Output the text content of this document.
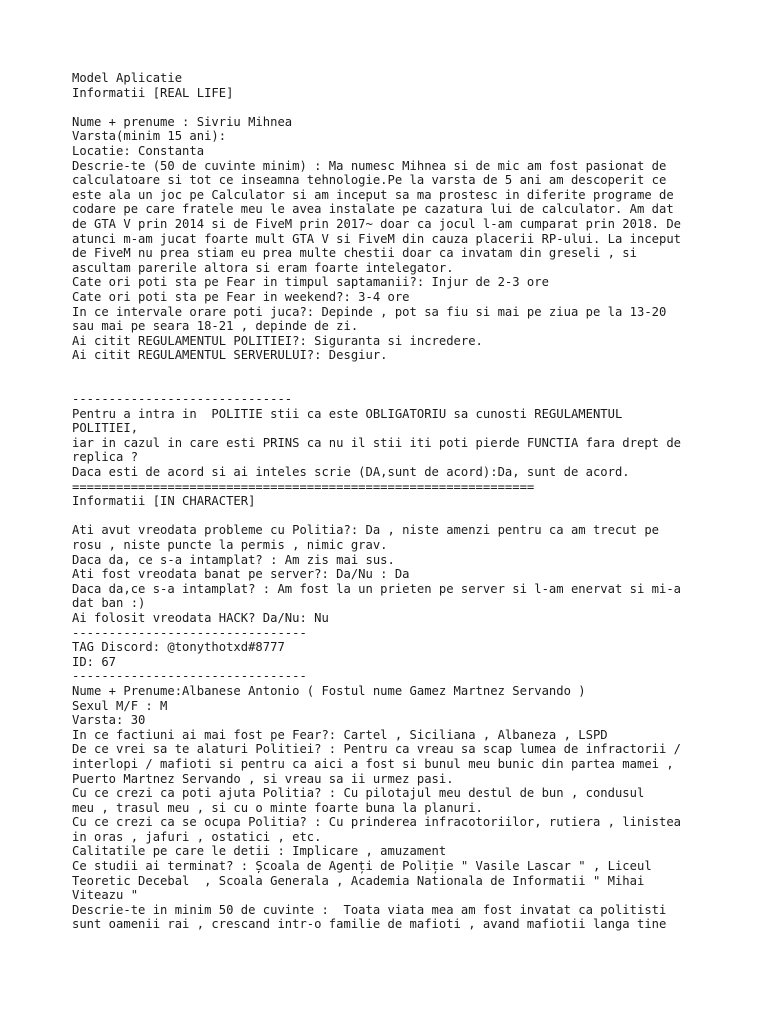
Model Aplicatie
Informatii [REAL LIFE]
Nume + prenume : Sivriu Mihnea
Varsta(minim 15 ani):
Locatie: Constanta
Descrie-te (50 de cuvinte minim) : Ma numesc Mihnea si de mic am fost pasionat de
calculatoare si tot ce inseamna tehnologie.Pe la varsta de 5 ani am descoperit ce
este ala un joc pe Calculator si am inceput sa ma prostesc in diferite programe de
codare pe care fratele meu le avea instalate pe cazatura lui de calculator. Am dat
de GTA V prin 2014 si de FiveM prin 2017~ doar ca jocul l-am cumparat prin 2018. De
atunci m-am jucat foarte mult GTA V si FiveM din cauza placerii RP-ului. La inceput
de FiveM nu prea stiam eu prea multe chestii doar ca invatam din greseli , si
ascultam parerile altora si eram foarte intelegator.
Cate ori poti sta pe Fear in timpul saptamanii?: Injur de 2-3 ore
Cate ori poti sta pe Fear in weekend?: 3-4 ore
In ce intervale orare poti juca?: Depinde , pot sa fiu si mai pe ziua pe la 13-20
sau mai pe seara 18-21 , depinde de zi.
Ai citit REGULAMENTUL POLITIEI?: Siguranta si incredere.
Ai citit REGULAMENTUL SERVERULUI?: Desgiur.
------------------------------
Pentru a intra in  POLITIE stii ca este OBLIGATORIU sa cunosti REGULAMENTUL
POLITIEI,
iar in cazul in care esti PRINS ca nu il stii iti poti pierde FUNCTIA fara drept de
replica ?
Daca esti de acord si ai inteles scrie (DA,sunt de acord):Da, sunt de acord.
===============================================================
Informatii [IN CHARACTER]
Ati avut vreodata probleme cu Politia?: Da , niste amenzi pentru ca am trecut pe
rosu , niste puncte la permis , nimic grav.
Daca da, ce s-a intamplat? : Am zis mai sus.
Ati fost vreodata banat pe server?: Da/Nu : Da
Daca da,ce s-a intamplat? : Am fost la un prieten pe server si l-am enervat si mi-a
dat ban :)
Ai folosit vreodata HACK? Da/Nu: Nu
--------------------------------
TAG Discord: @tonythotxd#8777
ID: 67
--------------------------------
Nume + Prenume:Albanese Antonio ( Fostul nume Gamez Martnez Servando )
Sexul M/F : M
Varsta: 30
In ce factiuni ai mai fost pe Fear?: Cartel , Siciliana , Albaneza , LSPD
De ce vrei sa te alaturi Politiei? : Pentru ca vreau sa scap lumea de infractorii /
interlopi / mafioti si pentru ca aici a fost si bunul meu bunic din partea mamei ,
Puerto Martnez Servando , si vreau sa ii urmez pasi.
Cu ce crezi ca poti ajuta Politia? : Cu pilotajul meu destul de bun , condusul
meu , trasul meu , si cu o minte foarte buna la planuri.
Cu ce crezi ca se ocupa Politia? : Cu prinderea infracotoriilor, rutiera , linistea
in oras , jafuri , ostatici , etc.
Calitatile pe care le detii : Implicare , amuzament
Ce studii ai terminat? : Școala de Agenți de Poliție " Vasile Lascar " , Liceul
Teoretic Decebal  , Scoala Generala , Academia Nationala de Informatii " Mihai
Viteazu "
Descrie-te in minim 50 de cuvinte :  Toata viata mea am fost invatat ca politisti
sunt oamenii rai , crescand intr-o familie de mafioti , avand mafiotii langa tine
